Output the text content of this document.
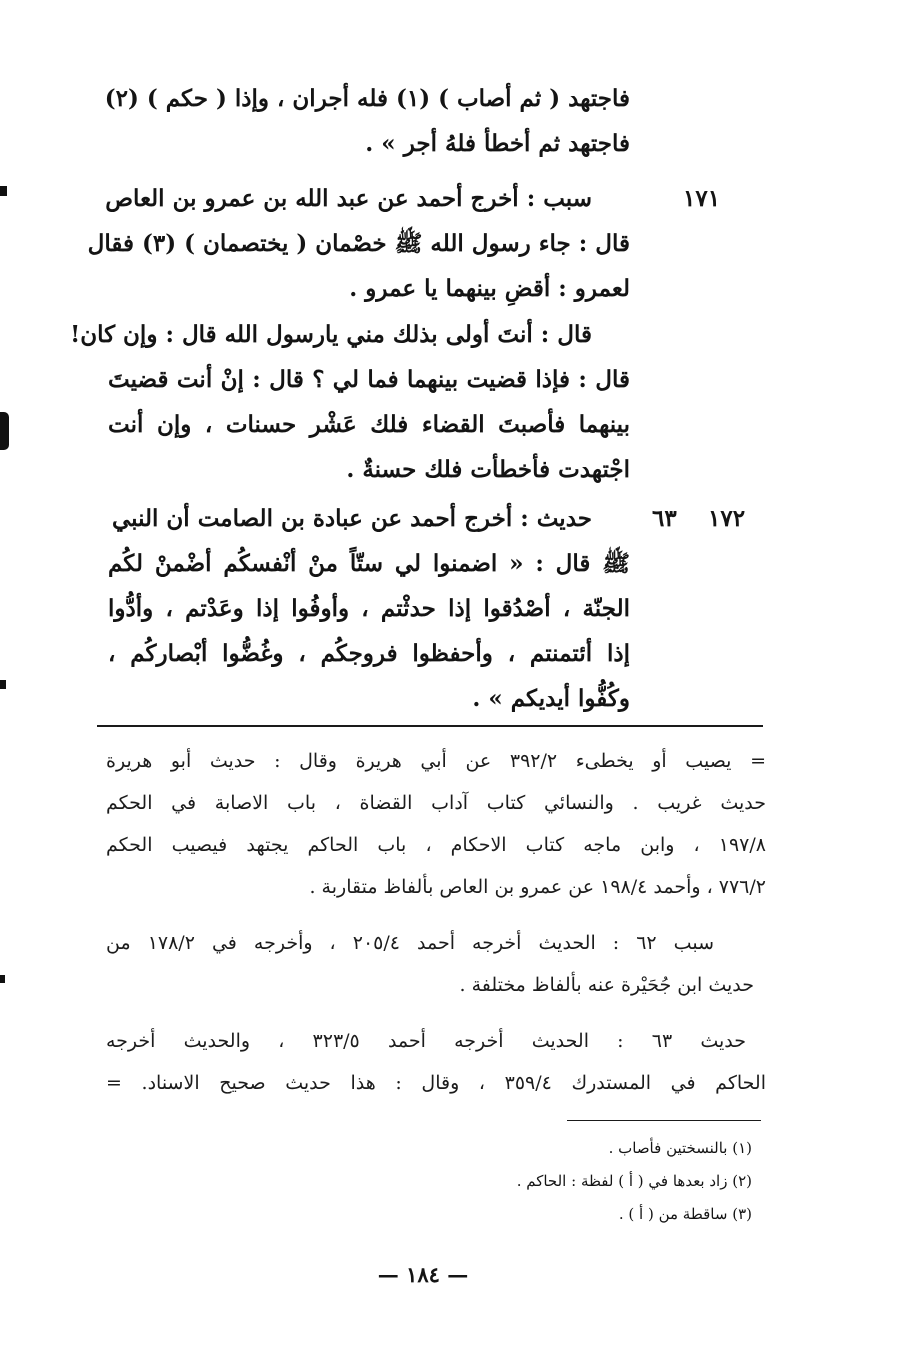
فاجتهد ( ثم أصاب ) (١) فله أجران ، وإذا ( حكم ) (٢)
فاجتهد ثم أخطأ فلهُ أجر » .
١٧١
سبب : أخرج أحمد عن عبد الله بن عمرو بن العاص
قال : جاء رسول الله ﷺ خصْمان ( يختصمان ) (٣) فقال
لعمرو : أقضِ بينهما يا عمرو .
قال : أنتَ أولى بذلك مني يارسول الله قال : وإن كان!
قال : فإذا قضيت بينهما فما لي ؟ قال : إنْ أنت قضيتَ
بينهما فأصبتَ القضاء فلك عَشْر حسنات ، وإن أنت
اجْتهدت فأخطأت فلك حسنةٌ .
١٧٢
٦٣
حديث : أخرج أحمد عن عبادة بن الصامت أن النبي
ﷺ قال : « اضمنوا لي ستّاً منْ أنْفسكُم أضْمنْ لكُم
الجنّة ، أصْدُقوا إذا حدثْتم ، وأوفُوا إذا وعَدْتم ، وأدُّوا
إذا أئتمنتم ، وأحفظوا فروجكُم ، وغُضُّوا أبْصاركُم ،
وكُفُّوا أيديكم » .
= يصيب أو يخطىء ٣٩٢/٢ عن أبي هريرة وقال : حديث أبو هريرة
حديث غريب . والنسائي كتاب آداب القضاة ، باب الاصابة في الحكم
١٩٧/٨ ، وابن ماجه كتاب الاحكام ، باب الحاكم يجتهد فيصيب الحكم
٧٧٦/٢ ، وأحمد ١٩٨/٤ عن عمرو بن العاص بألفاظ متقاربة .
سبب ٦٢ : الحديث أخرجه أحمد ٢٠٥/٤ ، وأخرجه في ١٧٨/٢ من
حديث ابن جُحَيْرة عنه بألفاظ مختلفة .
حديث ٦٣ : الحديث أخرجه أحمد ٣٢٣/٥ ، والحديث أخرجه
الحاكم في المستدرك ٣٥٩/٤ ، وقال : هذا حديث صحيح الاسناد. =
(١) بالنسختين فأصاب .
(٢) زاد بعدها في ( أ ) لفظة : الحاكم .
(٣) ساقطة من ( أ ) .
— ١٨٤ —
